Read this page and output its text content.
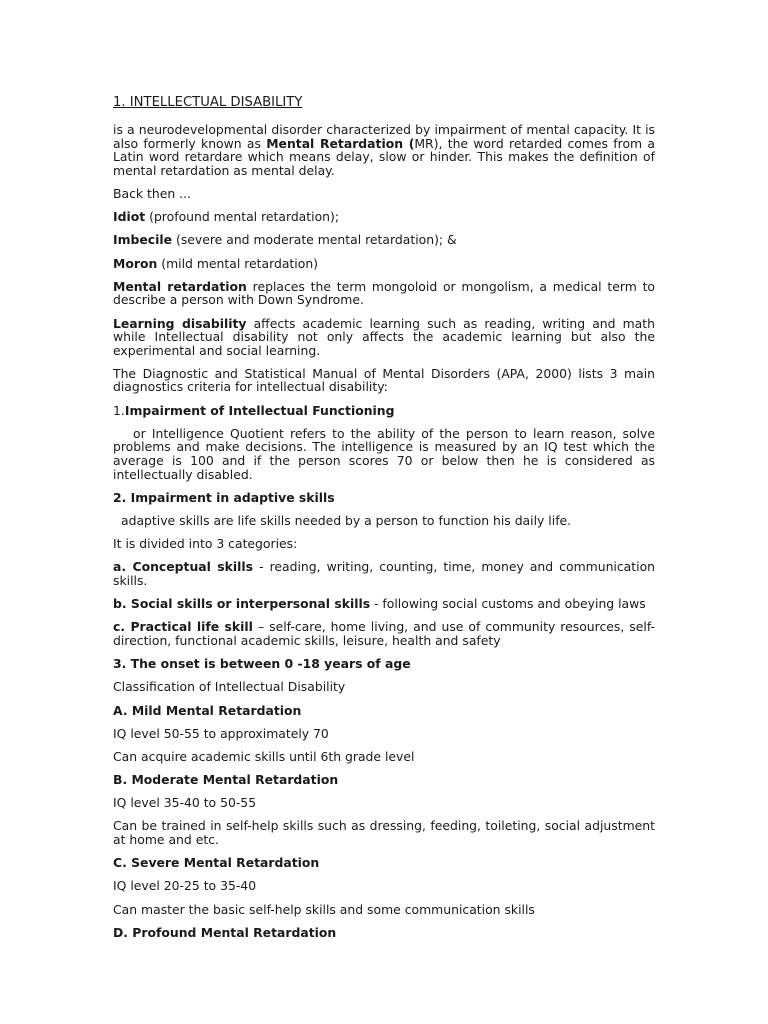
1. INTELLECTUAL DISABILITY

is a neurodevelopmental disorder characterized by impairment of mental capacity. It is also formerly known as Mental Retardation (MR), the word retarded comes from a Latin word retardare which means delay, slow or hinder. This makes the definition of mental retardation as mental delay.

Back then ...

Idiot (profound mental retardation);

Imbecile (severe and moderate mental retardation); &

Moron (mild mental retardation)

Mental retardation replaces the term mongoloid or mongolism, a medical term to describe a person with Down Syndrome.

Learning disability affects academic learning such as reading, writing and math while Intellectual disability not only affects the academic learning but also the experimental and social learning.

The Diagnostic and Statistical Manual of Mental Disorders (APA, 2000) lists 3 main diagnostics criteria for intellectual disability:

1.Impairment of Intellectual Functioning

or Intelligence Quotient refers to the ability of the person to learn reason, solve problems and make decisions. The intelligence is measured by an IQ test which the average is 100 and if the person scores 70 or below then he is considered as intellectually disabled.

2. Impairment in adaptive skills

adaptive skills are life skills needed by a person to function his daily life.

It is divided into 3 categories:

a. Conceptual skills - reading, writing, counting, time, money and communication skills.

b. Social skills or interpersonal skills - following social customs and obeying laws

c. Practical life skill – self-care, home living, and use of community resources, self-direction, functional academic skills, leisure, health and safety

3. The onset is between 0 -18 years of age

Classification of Intellectual Disability

A. Mild Mental Retardation

IQ level 50-55 to approximately 70

Can acquire academic skills until 6th grade level

B. Moderate Mental Retardation

IQ level 35-40 to 50-55

Can be trained in self-help skills such as dressing, feeding, toileting, social adjustment at home and etc.

C. Severe Mental Retardation

IQ level 20-25 to 35-40

Can master the basic self-help skills and some communication skills

D. Profound Mental Retardation
